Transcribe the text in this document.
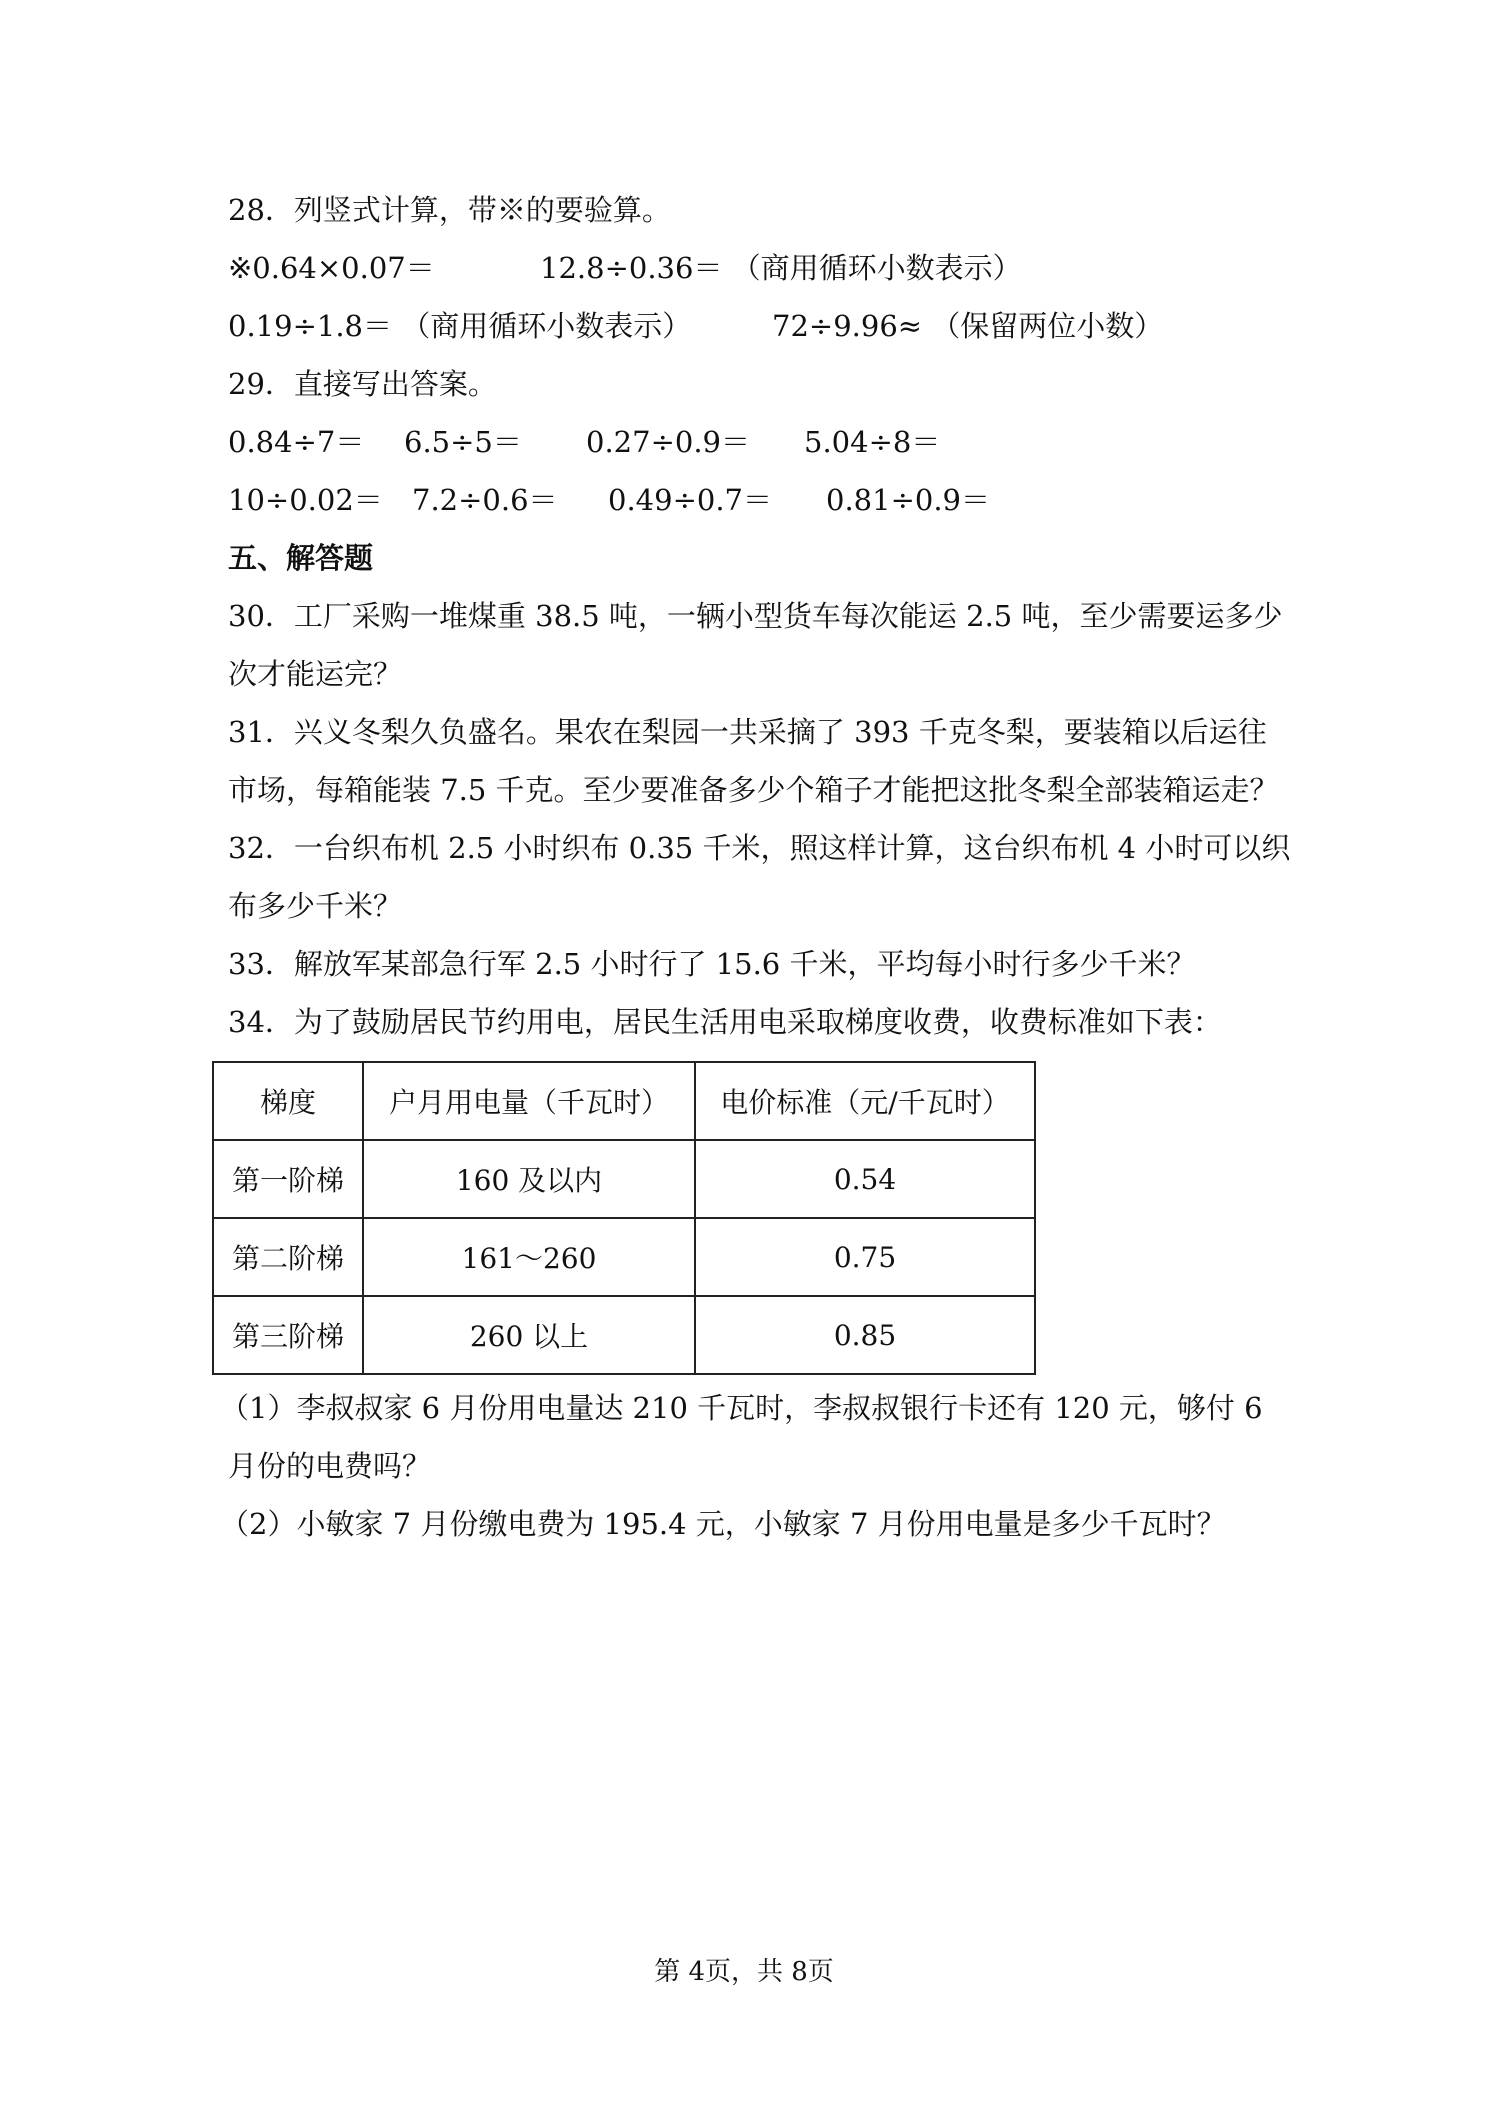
28．列竖式计算，带※的要验算。
※0.64×0.07＝	12.8÷0.36＝ （商用循环小数表示）
0.19÷1.8＝ （商用循环小数表示）	72÷9.96≈ （保留两位小数）
29．直接写出答案。
0.84÷7＝ 6.5÷5＝ 0.27÷0.9＝ 5.04÷8＝
10÷0.02＝ 7.2÷0.6＝ 0.49÷0.7＝ 0.81÷0.9＝
五、解答题
30．工厂采购一堆煤重 38.5 吨，一辆小型货车每次能运 2.5 吨，至少需要运多少
次才能运完？
31．兴义冬梨久负盛名。果农在梨园一共采摘了 393 千克冬梨，要装箱以后运往
市场，每箱能装 7.5 千克。至少要准备多少个箱子才能把这批冬梨全部装箱运走？
32．一台织布机 2.5 小时织布 0.35 千米，照这样计算，这台织布机 4 小时可以织
布多少千米？
33．解放军某部急行军 2.5 小时行了 15.6 千米，平均每小时行多少千米？
34．为了鼓励居民节约用电，居民生活用电采取梯度收费，收费标准如下表：
梯度	户月用电量（千瓦时）	电价标准（元/千瓦时）
第一阶梯	160 及以内	0.54
第二阶梯	161～260	0.75
第三阶梯	260 以上	0.85
（1）李叔叔家 6 月份用电量达 210 千瓦时，李叔叔银行卡还有 120 元，够付 6
月份的电费吗？
（2）小敏家 7 月份缴电费为 195.4 元，小敏家 7 月份用电量是多少千瓦时？
第 4页，共 8页
